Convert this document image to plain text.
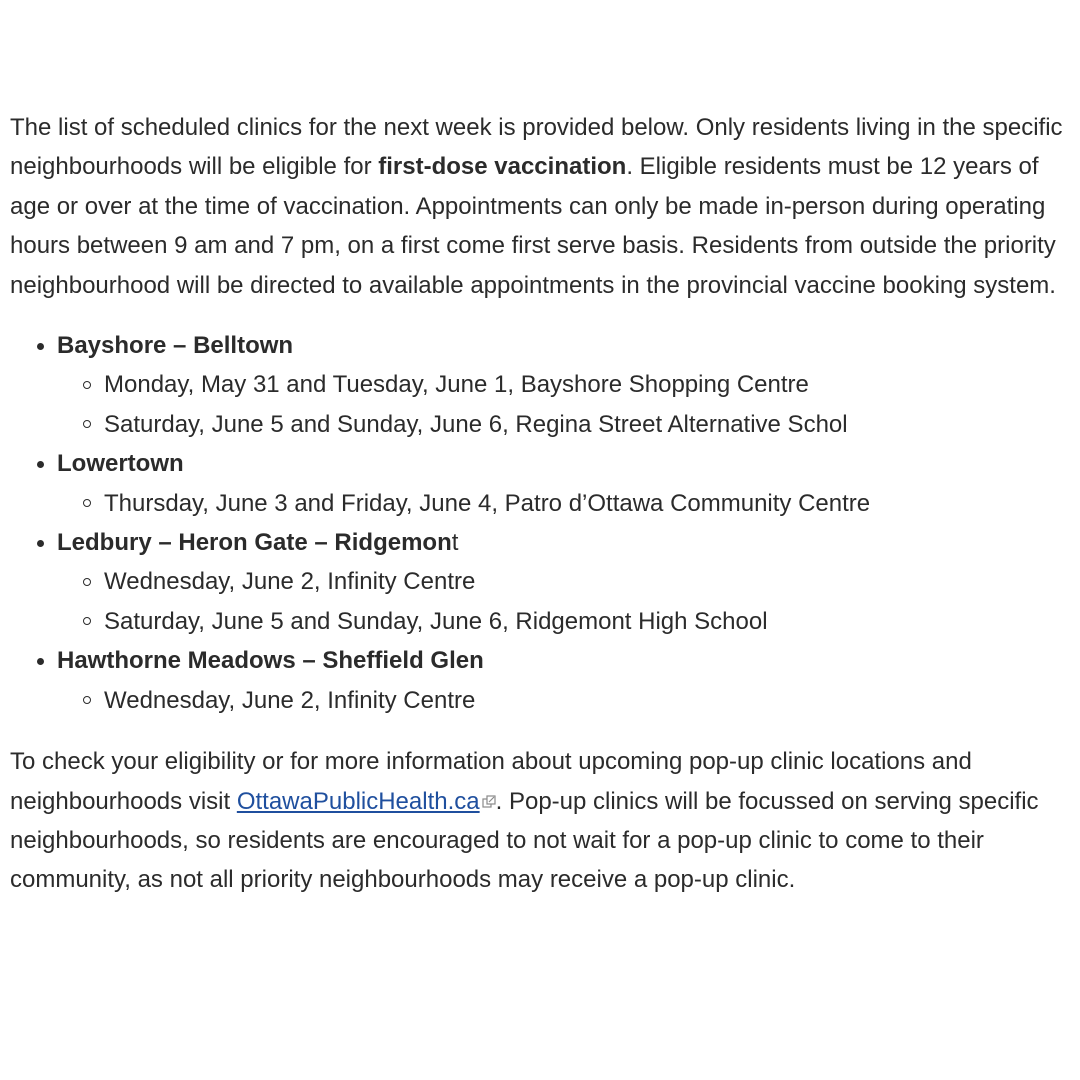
The list of scheduled clinics for the next week is provided below. Only residents living in the specific neighbourhoods will be eligible for first-dose vaccination. Eligible residents must be 12 years of age or over at the time of vaccination. Appointments can only be made in-person during operating hours between 9 am and 7 pm, on a first come first serve basis. Residents from outside the priority neighbourhood will be directed to available appointments in the provincial vaccine booking system.

Bayshore – Belltown
Monday, May 31 and Tuesday, June 1, Bayshore Shopping Centre
Saturday, June 5 and Sunday, June 6, Regina Street Alternative Schol
Lowertown
Thursday, June 3 and Friday, June 4, Patro d’Ottawa Community Centre
Ledbury – Heron Gate – Ridgemont
Wednesday, June 2, Infinity Centre
Saturday, June 5 and Sunday, June 6, Ridgemont High School
Hawthorne Meadows – Sheffield Glen
Wednesday, June 2, Infinity Centre

To check your eligibility or for more information about upcoming pop-up clinic locations and neighbourhoods visit OttawaPublicHealth.ca . Pop-up clinics will be focussed on serving specific neighbourhoods, so residents are encouraged to not wait for a pop-up clinic to come to their community, as not all priority neighbourhoods may receive a pop-up clinic.
